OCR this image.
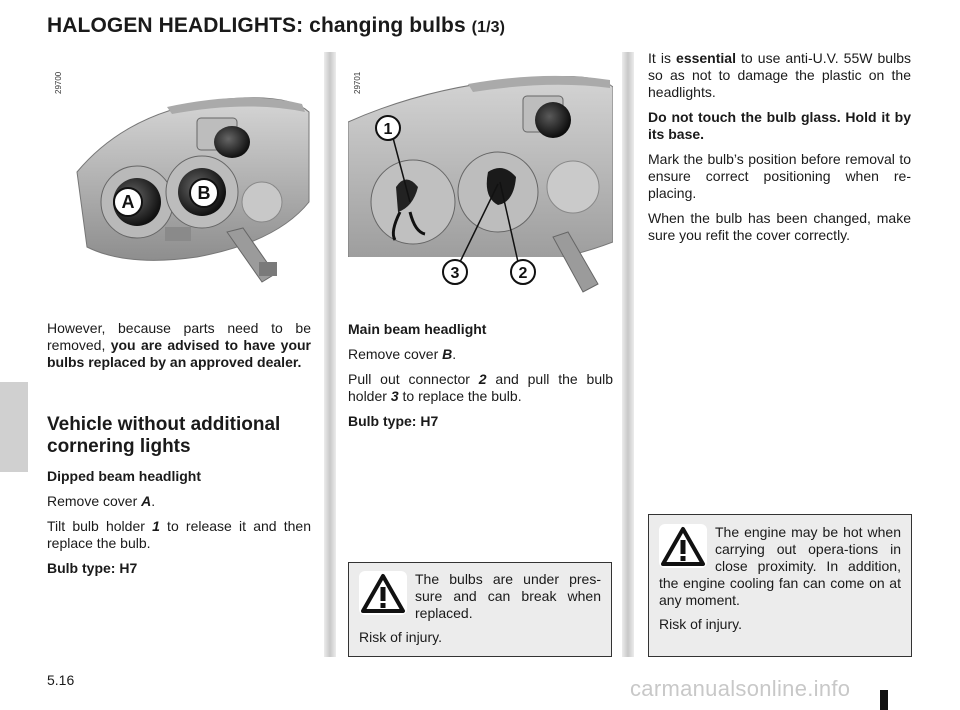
HALOGEN HEADLIGHTS: changing bulbs (1/3)
29700
A	B
29701
1
3	2

However, because parts need to be removed, you are advised to have your bulbs replaced by an approved dealer.

Vehicle without additional cornering lights

Dipped beam headlight

Remove cover A.

Tilt bulb holder 1 to release it and then replace the bulb.

Bulb type: H7

Main beam headlight

Remove cover B.

Pull out connector 2 and pull the bulb holder 3 to replace the bulb.

Bulb type: H7

The bulbs are under pres-sure and can break when replaced.

Risk of injury.

It is essential to use anti-U.V. 55W bulbs so as not to damage the plastic on the headlights.

Do not touch the bulb glass. Hold it by its base.

Mark the bulb’s position before removal to ensure correct positioning when re-placing.

When the bulb has been changed, make sure you refit the cover correctly.

The engine may be hot when carrying out opera-tions in close proximity. In addition, the engine cooling fan can come on at any moment.

Risk of injury.

5.16	carmanualsonline.info
